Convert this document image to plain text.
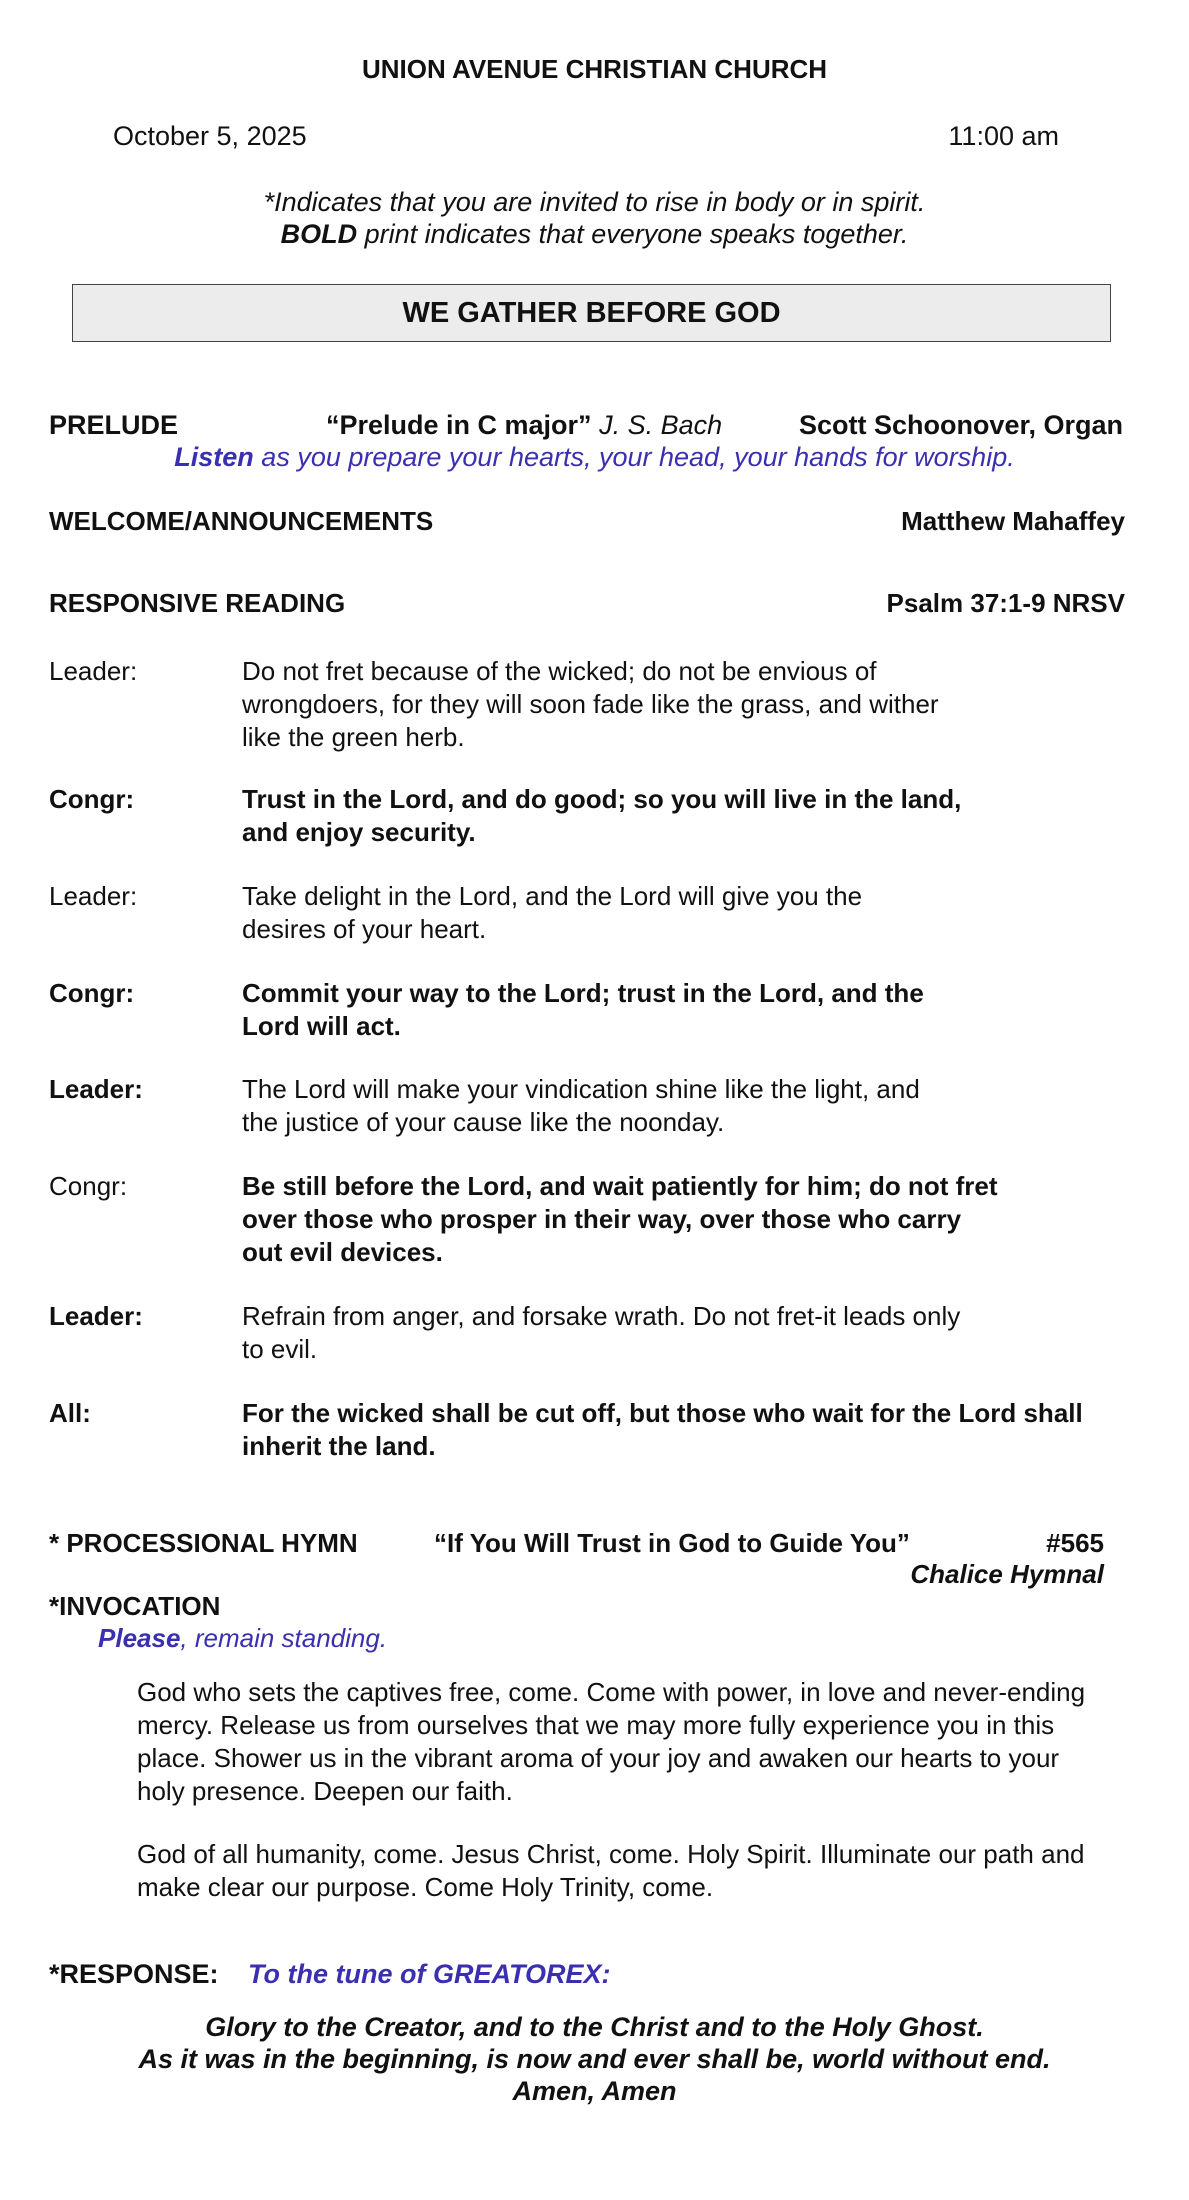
UNION AVENUE CHRISTIAN CHURCH
October 5, 2025	11:00 am
*Indicates that you are invited to rise in body or in spirit.
BOLD print indicates that everyone speaks together.
WE GATHER BEFORE GOD
PRELUDE	“Prelude in C major” J. S. Bach	Scott Schoonover, Organ
Listen as you prepare your hearts, your head, your hands for worship.
WELCOME/ANNOUNCEMENTS	Matthew Mahaffey
RESPONSIVE READING	Psalm 37:1-9 NRSV
Leader:	Do not fret because of the wicked; do not be envious of wrongdoers, for they will soon fade like the grass, and wither like the green herb.
Congr:	Trust in the Lord, and do good; so you will live in the land, and enjoy security.
Leader:	Take delight in the Lord, and the Lord will give you the desires of your heart.
Congr:	Commit your way to the Lord; trust in the Lord, and the Lord will act.
Leader:	The Lord will make your vindication shine like the light, and the justice of your cause like the noonday.
Congr:	Be still before the Lord, and wait patiently for him; do not fret over those who prosper in their way, over those who carry out evil devices.
Leader:	Refrain from anger, and forsake wrath. Do not fret-it leads only to evil.
All:	For the wicked shall be cut off, but those who wait for the Lord shall inherit the land.
* PROCESSIONAL HYMN	“If You Will Trust in God to Guide You”	#565
Chalice Hymnal
*INVOCATION
Please, remain standing.
God who sets the captives free, come. Come with power, in love and never-ending mercy. Release us from ourselves that we may more fully experience you in this place. Shower us in the vibrant aroma of your joy and awaken our hearts to your holy presence. Deepen our faith.
God of all humanity, come. Jesus Christ, come. Holy Spirit. Illuminate our path and make clear our purpose. Come Holy Trinity, come.
*RESPONSE: To the tune of GREATOREX:
Glory to the Creator, and to the Christ and to the Holy Ghost.
As it was in the beginning, is now and ever shall be, world without end.
Amen, Amen
